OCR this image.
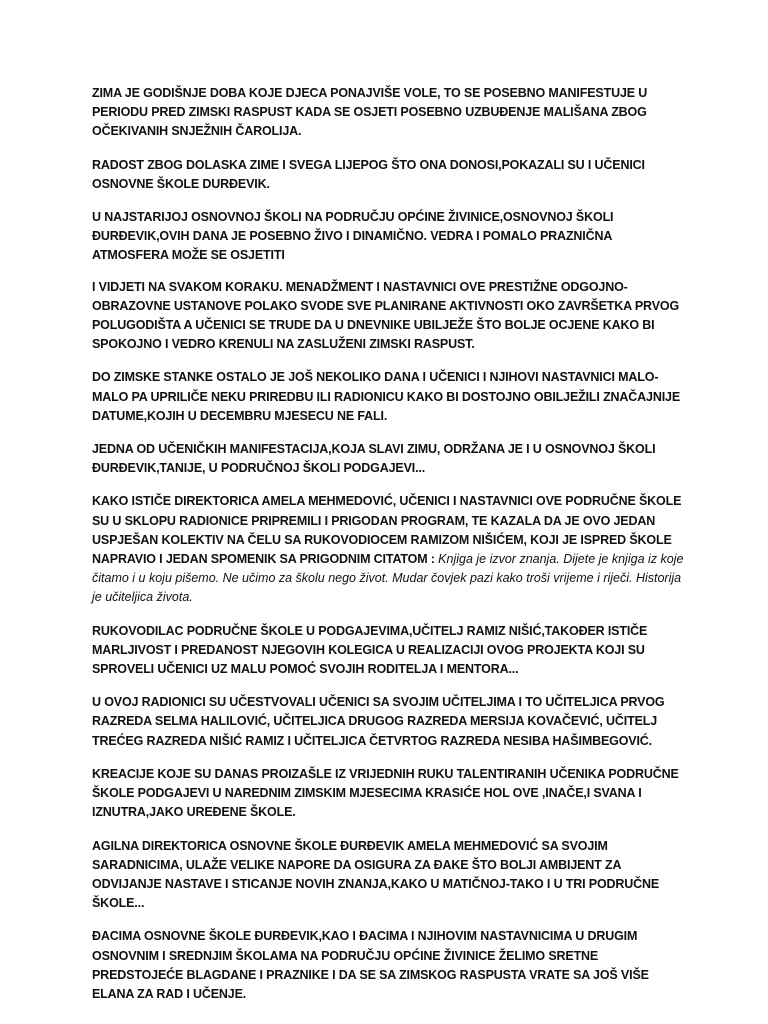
ZIMA JE GODIŠNJE DOBA KOJE DJECA PONAJVIŠE VOLE, TO SE POSEBNO MANIFESTUJE U PERIODU PRED ZIMSKI RASPUST KADA SE OSJETI POSEBNO UZBUĐENJE MALIŠANA ZBOG OČEKIVANIH SNJEŽNIH ČAROLIJA.

RADOST ZBOG DOLASKA ZIME I SVEGA LIJEPOG ŠTO ONA DONOSI,POKAZALI SU I UČENICI OSNOVNE ŠKOLE DURĐEVIK.

U NAJSTARIJOJ OSNOVNOJ ŠKOLI NA PODRUČJU OPĆINE ŽIVINICE,OSNOVNOJ ŠKOLI ĐURĐEVIK,OVIH DANA JE POSEBNO ŽIVO I DINAMIČNO. VEDRA I POMALO PRAZNIČNA ATMOSFERA MOŽE SE OSJETITI

I VIDJETI NA SVAKOM KORAKU. MENADŽMENT I NASTAVNICI OVE PRESTIŽNE ODGOJNO-OBRAZOVNE USTANOVE POLAKO SVODE SVE PLANIRANE AKTIVNOSTI OKO ZAVRŠETKA PRVOG POLUGODIŠTA A UČENICI SE TRUDE DA U DNEVNIKE UBILJEŽE ŠTO BOLJE OCJENE KAKO BI SPOKOJNO I VEDRO KRENULI NA ZASLUŽENI ZIMSKI RASPUST.

DO ZIMSKE STANKE OSTALO JE JOŠ NEKOLIKO DANA I UČENICI I NJIHOVI NASTAVNICI MALO-MALO PA UPRILIČE NEKU PRIREDBU ILI RADIONICU KAKO BI DOSTOJNO OBILJEŽILI ZNAČAJNIJE DATUME,KOJIH U DECEMBRU MJESECU NE FALI.

JEDNA OD UČENIČKIH MANIFESTACIJA,KOJA SLAVI ZIMU, ODRŽANA JE I U OSNOVNOJ ŠKOLI ĐURĐEVIK,TANIJE, U PODRUČNOJ ŠKOLI PODGAJEVI...

KAKO ISTIČE DIREKTORICA AMELA MEHMEDOVIĆ, UČENICI I NASTAVNICI OVE PODRUČNE ŠKOLE SU U SKLOPU RADIONICE PRIPREMILI I PRIGODAN PROGRAM, TE KAZALA DA JE OVO JEDAN USPJEŠAN KOLEKTIV NA ČELU SA RUKOVODIOCEM RAMIZOM NIŠIĆEM, KOJI JE ISPRED ŠKOLE NAPRAVIO I JEDAN SPOMENIK SA PRIGODNIM CITATOM : Knjiga je izvor znanja. Dijete je knjiga iz koje čitamo i u koju pišemo. Ne učimo za školu nego život. Mudar čovjek pazi kako troši vrijeme i riječi. Historija je učiteljica života.

RUKOVODILAC PODRUČNE ŠKOLE U PODGAJEVIMA,UČITELJ RAMIZ NIŠIĆ,TAKOĐER ISTIČE MARLJIVOST I PREDANOST NJEGOVIH KOLEGICA U REALIZACIJI OVOG PROJEKTA KOJI SU SPROVELI UČENICI UZ MALU POMOĆ SVOJIH RODITELJA I MENTORA...

U OVOJ RADIONICI SU UČESTVOVALI UČENICI SA SVOJIM UČITELJIMA I TO UČITELJICA PRVOG RAZREDA SELMA HALILOVIĆ, UČITELJICA DRUGOG RAZREDA MERSIJA KOVAČEVIĆ, UČITELJ TREĆEG RAZREDA NIŠIĆ RAMIZ I UČITELJICA ČETVRTOG RAZREDA NESIBA HAŠIMBEGOVIĆ.

KREACIJE KOJE SU DANAS PROIZAŠLE IZ VRIJEDNIH RUKU TALENTIRANIH UČENIKA PODRUČNE ŠKOLE PODGAJEVI U NAREDNIM ZIMSKIM MJESECIMA KRASIĆE HOL OVE ,INAČE,I SVANA I IZNUTRA,JAKO UREĐENE ŠKOLE.

AGILNA DIREKTORICA OSNOVNE ŠKOLE ĐURĐEVIK AMELA MEHMEDOVIĆ SA SVOJIM SARADNICIMA, ULAŽE VELIKE NAPORE DA OSIGURA ZA ĐAKE ŠTO BOLJI AMBIJENT ZA ODVIJANJE NASTAVE I STICANJE NOVIH ZNANJA,KAKO U MATIČNOJ-TAKO I U TRI PODRUČNE ŠKOLE...

ĐACIMA OSNOVNE ŠKOLE ĐURĐEVIK,KAO I ĐACIMA I NJIHOVIM NASTAVNICIMA U DRUGIM OSNOVNIM I SREDNJIM ŠKOLAMA NA PODRUČJU OPĆINE ŽIVINICE ŽELIMO SRETNE PREDSTOJEĆE BLAGDANE I PRAZNIKE I DA SE SA ZIMSKOG RASPUSTA VRATE SA JOŠ VIŠE ELANA ZA RAD I UČENJE.
